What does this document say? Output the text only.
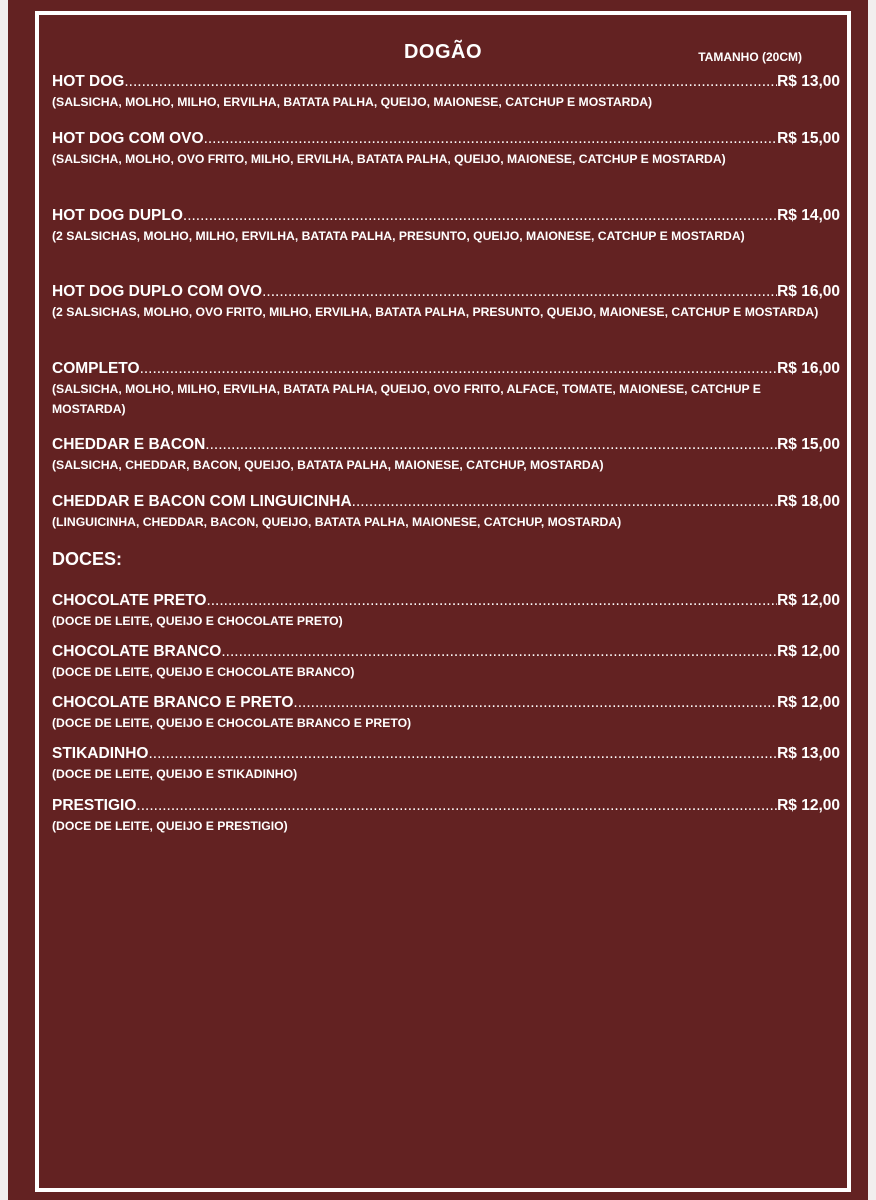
DOGÃO	TAMANHO (20CM)
HOT DOG .....	R$ 13,00
(SALSICHA, MOLHO, MILHO, ERVILHA, BATATA PALHA, QUEIJO, MAIONESE, CATCHUP E MOSTARDA)
HOT DOG COM OVO .....	R$ 15,00
(SALSICHA, MOLHO, OVO FRITO, MILHO, ERVILHA, BATATA PALHA, QUEIJO, MAIONESE, CATCHUP E MOSTARDA)
HOT DOG DUPLO .....	R$ 14,00
(2 SALSICHAS, MOLHO, MILHO, ERVILHA, BATATA PALHA, PRESUNTO, QUEIJO, MAIONESE, CATCHUP E MOSTARDA)
HOT DOG DUPLO COM OVO .....	R$ 16,00
(2 SALSICHAS, MOLHO, OVO FRITO, MILHO, ERVILHA, BATATA PALHA, PRESUNTO, QUEIJO, MAIONESE, CATCHUP E MOSTARDA)
COMPLETO .....	R$ 16,00
(SALSICHA, MOLHO, MILHO, ERVILHA, BATATA PALHA, QUEIJO, OVO FRITO, ALFACE, TOMATE, MAIONESE, CATCHUP E MOSTARDA)
CHEDDAR E BACON .....	R$ 15,00
(SALSICHA, CHEDDAR, BACON, QUEIJO, BATATA PALHA, MAIONESE, CATCHUP, MOSTARDA)
CHEDDAR E BACON COM LINGUICINHA .....	R$ 18,00
(LINGUICINHA, CHEDDAR, BACON, QUEIJO, BATATA PALHA, MAIONESE, CATCHUP, MOSTARDA)
DOCES:
CHOCOLATE PRETO .....	R$ 12,00
(DOCE DE LEITE, QUEIJO E CHOCOLATE PRETO)
CHOCOLATE BRANCO .....	R$ 12,00
(DOCE DE LEITE, QUEIJO E CHOCOLATE BRANCO)
CHOCOLATE BRANCO E PRETO .....	R$ 12,00
(DOCE DE LEITE, QUEIJO E CHOCOLATE BRANCO E PRETO)
STIKADINHO .....	R$ 13,00
(DOCE DE LEITE, QUEIJO E STIKADINHO)
PRESTIGIO .....	R$ 12,00
(DOCE DE LEITE, QUEIJO E PRESTIGIO)
